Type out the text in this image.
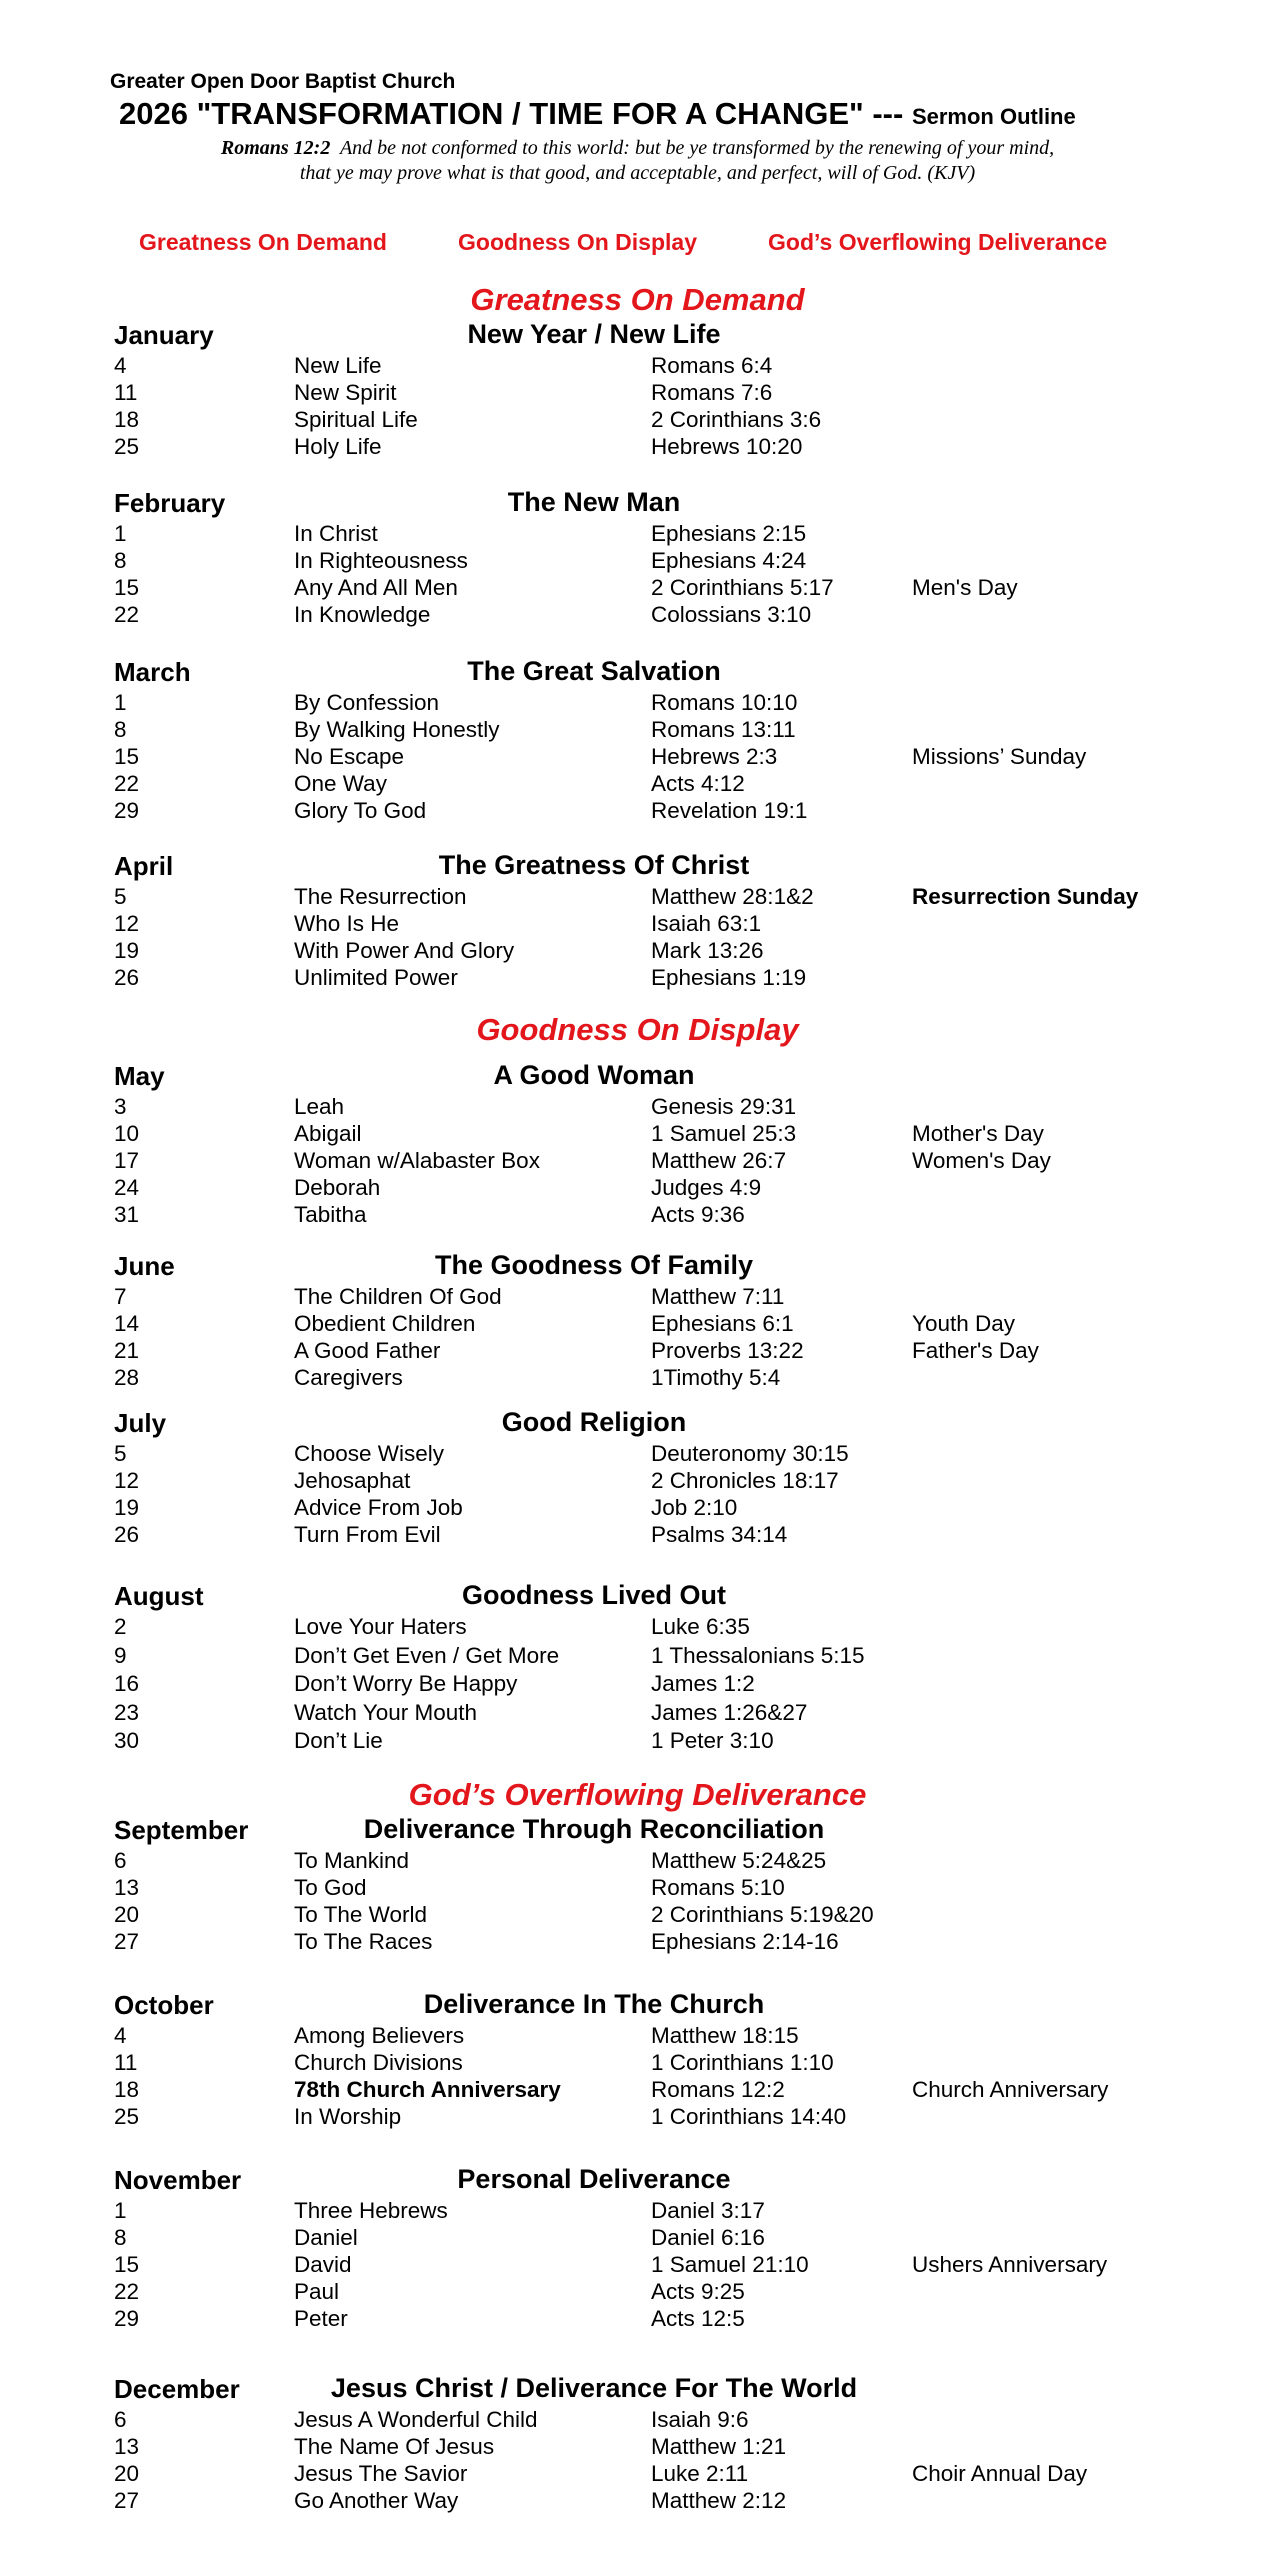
Greater Open Door Baptist Church
2026 "TRANSFORMATION / TIME FOR A CHANGE" --- Sermon Outline
Romans 12:2 And be not conformed to this world: but be ye transformed by the renewing of your mind,
that ye may prove what is that good, and acceptable, and perfect, will of God. (KJV)
Greatness On Demand	Goodness On Display	God’s Overflowing Deliverance
Greatness On Demand
Goodness On Display
God’s Overflowing Deliverance
January	New Year / New Life
4	New Life	Romans 6:4
11	New Spirit	Romans 7:6
18	Spiritual Life	2 Corinthians 3:6
25	Holy Life	Hebrews 10:20
February	The New Man
1	In Christ	Ephesians 2:15
8	In Righteousness	Ephesians 4:24
15	Any And All Men	2 Corinthians 5:17	Men's Day
22	In Knowledge	Colossians 3:10
March	The Great Salvation
1	By Confession	Romans 10:10
8	By Walking Honestly	Romans 13:11
15	No Escape	Hebrews 2:3	Missions’ Sunday
22	One Way	Acts 4:12
29	Glory To God	Revelation 19:1
April	The Greatness Of Christ
5	The Resurrection	Matthew 28:1&2	Resurrection Sunday
12	Who Is He	Isaiah 63:1
19	With Power And Glory	Mark 13:26
26	Unlimited Power	Ephesians 1:19
May	A Good Woman
3	Leah	Genesis 29:31
10	Abigail	1 Samuel 25:3	Mother's Day
17	Woman w/Alabaster Box	Matthew 26:7	Women's Day
24	Deborah	Judges 4:9
31	Tabitha	Acts 9:36
June	The Goodness Of Family
7	The Children Of God	Matthew 7:11
14	Obedient Children	Ephesians 6:1	Youth Day
21	A Good Father	Proverbs 13:22	Father's Day
28	Caregivers	1Timothy 5:4
July	Good Religion
5	Choose Wisely	Deuteronomy 30:15
12	Jehosaphat	2 Chronicles 18:17
19	Advice From Job	Job 2:10
26	Turn From Evil	Psalms 34:14
August	Goodness Lived Out
2	Love Your Haters	Luke 6:35
9	Don’t Get Even / Get More	1 Thessalonians 5:15
16	Don’t Worry Be Happy	James 1:2
23	Watch Your Mouth	James 1:26&27
30	Don’t Lie	1 Peter 3:10
September	Deliverance Through Reconciliation
6	To Mankind	Matthew 5:24&25
13	To God	Romans 5:10
20	To The World	2 Corinthians 5:19&20
27	To The Races	Ephesians 2:14-16
October	Deliverance In The Church
4	Among Believers	Matthew 18:15
11	Church Divisions	1 Corinthians 1:10
18	78th Church Anniversary	Romans 12:2	Church Anniversary
25	In Worship	1 Corinthians 14:40
November	Personal Deliverance
1	Three Hebrews	Daniel 3:17
8	Daniel	Daniel 6:16
15	David	1 Samuel 21:10	Ushers Anniversary
22	Paul	Acts 9:25
29	Peter	Acts 12:5
December	Jesus Christ / Deliverance For The World
6	Jesus A Wonderful Child	Isaiah 9:6
13	The Name Of Jesus	Matthew 1:21
20	Jesus The Savior	Luke 2:11	Choir Annual Day
27	Go Another Way	Matthew 2:12
